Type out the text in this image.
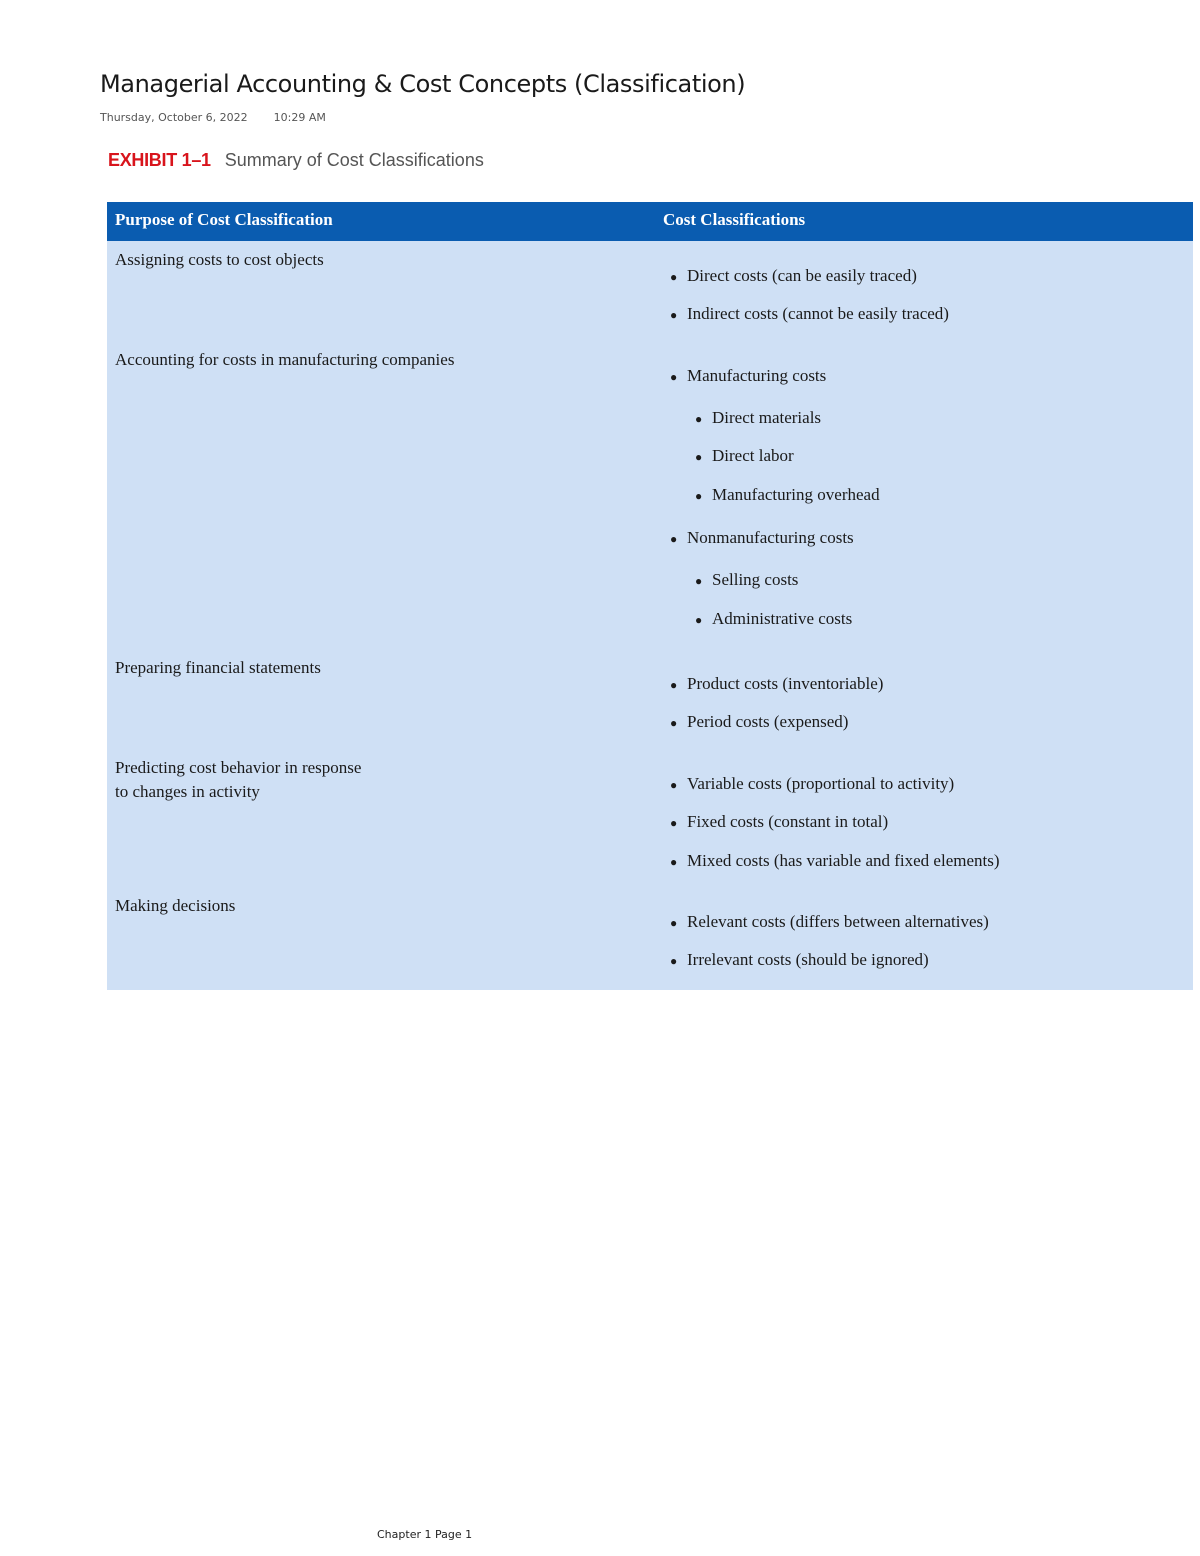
Managerial Accounting & Cost Concepts (Classification)
Thursday, October 6, 2022 10:29 AM
EXHIBIT 1–1 Summary of Cost Classifications
Purpose of Cost Classification	Cost Classifications
Assigning costs to cost objects
● Direct costs (can be easily traced)
● Indirect costs (cannot be easily traced)
Accounting for costs in manufacturing companies
● Manufacturing costs
● Direct materials
● Direct labor
● Manufacturing overhead
● Nonmanufacturing costs
● Selling costs
● Administrative costs
Preparing financial statements
● Product costs (inventoriable)
● Period costs (expensed)
Predicting cost behavior in response
to changes in activity	● Variable costs (proportional to activity)
● Fixed costs (constant in total)
● Mixed costs (has variable and fixed elements)
Making decisions
● Relevant costs (differs between alternatives)
● Irrelevant costs (should be ignored)
Chapter 1 Page 1
